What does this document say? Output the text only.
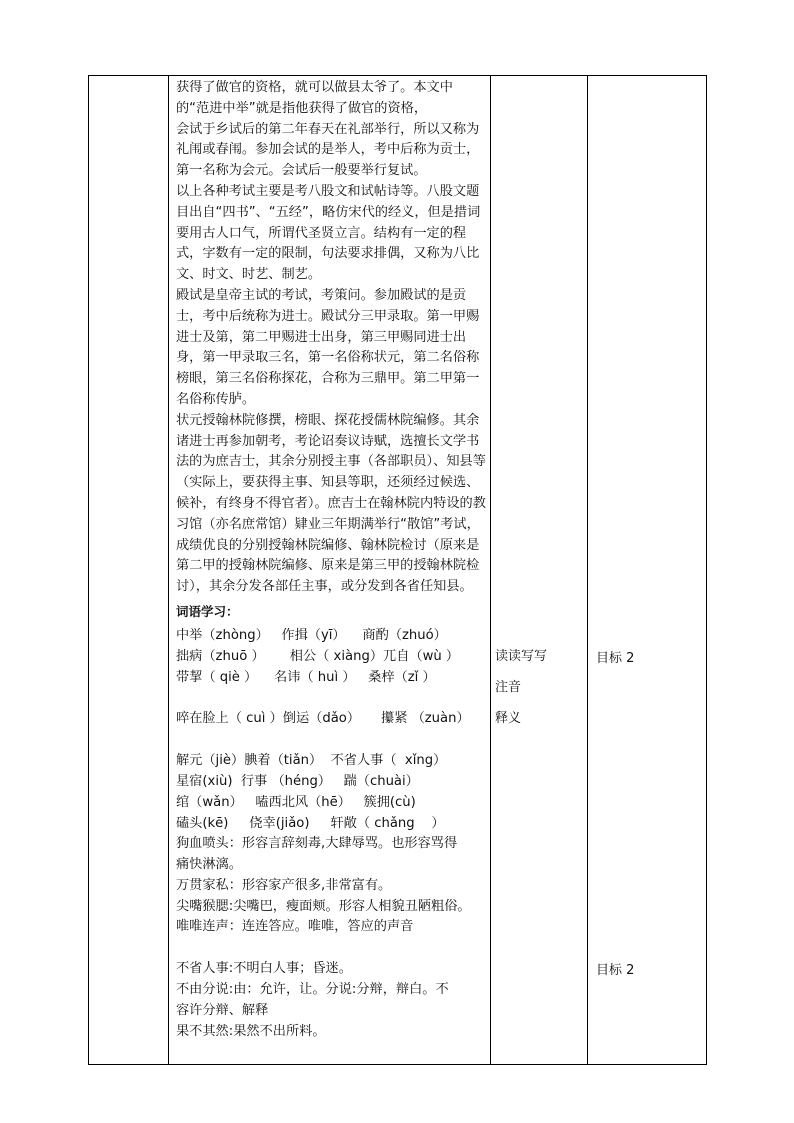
获得了做官的资格，就可以做县太爷了。本文中的“范进中举”就是指他获得了做官的资格，

会试于乡试后的第二年春天在礼部举行，所以又称为礼闱或春闱。参加会试的是举人，考中后称为贡士，第一名称为会元。会试后一般要举行复试。

以上各种考试主要是考八股文和试帖诗等。八股文题目出自“四书”、“五经”，略仿宋代的经义，但是措词要用古人口气，所谓代圣贤立言。结构有一定的程式，字数有一定的限制，句法要求排偶，又称为八比文、时文、时艺、制艺。

殿试是皇帝主试的考试，考策问。参加殿试的是贡士，考中后统称为进士。殿试分三甲录取。第一甲赐进士及第，第二甲赐进士出身，第三甲赐同进士出身，第一甲录取三名，第一名俗称状元，第二名俗称榜眼，第三名俗称探花，合称为三鼎甲。第二甲第一名俗称传胪。

状元授翰林院修撰，榜眼、探花授儒林院编修。其余诸进士再参加朝考，考论诏奏议诗赋，选擅长文学书法的为庶吉士，其余分别授主事（各部职员）、知县等（实际上，要获得主事、知县等职，还须经过候选、候补，有终身不得官者）。庶吉士在翰林院内特设的教习馆（亦名庶常馆）肄业三年期满举行“散馆”考试，成绩优良的分别授翰林院编修、翰林院检讨（原来是第二甲的授翰林院编修、原来是第三甲的授翰林院检讨），其余分发各部任主事，或分发到各省任知县。

词语学习：
中举（zhòng）   作揖（yī）    商酌（zhuó）
拙病（zhuō ）      相公（ xiàng）兀自（wù ）
带挈（ qiè ）    名讳（ huì ）   桑梓（zǐ ）
啐在脸上（ cuì ）倒运（dǎo）     攥紧 （zuàn）
解元（jiè）腆着（tiǎn）  不省人事（  xǐng）
星宿(xiù)  行事 （héng）   踹（chuài）
绾（wǎn）   嗑西北风（hē）   簇拥(cù)
磕头(kē)     侥幸(jiǎo)     轩敞（ chǎng    ）
狗血喷头：形容言辞刻毒,大肆辱骂。也形容骂得
痛快淋漓。
万贯家私：形容家产很多,非常富有。
尖嘴猴腮:尖嘴巴，瘦面颊。形容人相貌丑陋粗俗。
唯唯连声：连连答应。唯唯，答应的声音
不省人事:不明白人事；昏迷。
不由分说:由：允许，让。分说:分辩，辩白。不
容许分辩、解释
果不其然:果然不出所料。
读读写写
注音
释义
目标 2
目标 2
